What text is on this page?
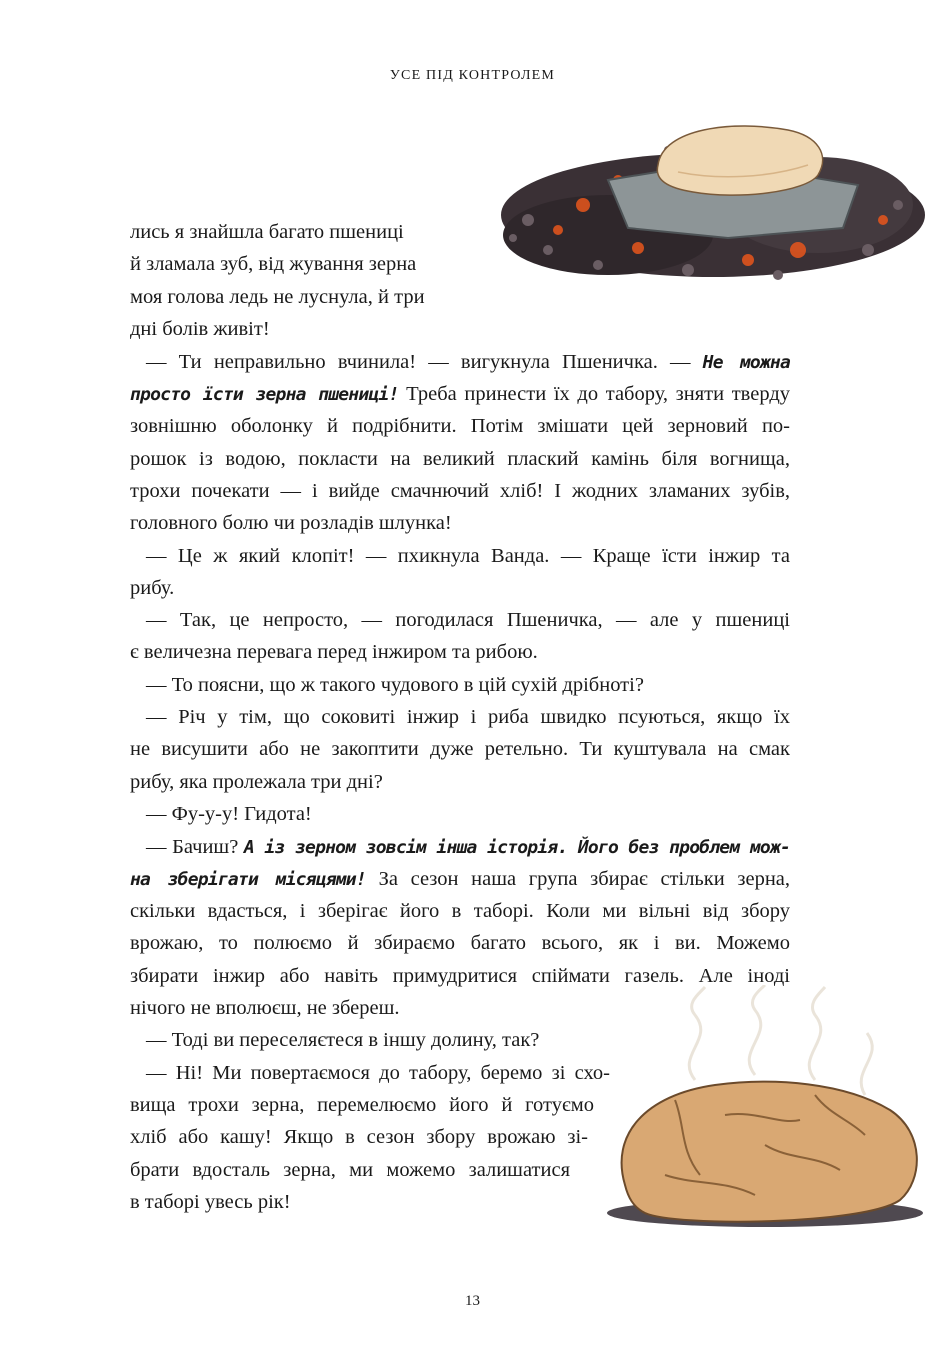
УСЕ ПІД КОНТРОЛЕМ
лись я знайшла багато пшениці
й зламала зуб, від жування зерна
моя голова ледь не луснула, й три
дні болів живіт!
— Ти неправильно вчинила! — вигукнула Пшеничка. — Не можна
просто їсти зерна пшениці! Треба принести їх до табору, зняти тверду
зовнішню оболонку й подрібнити. Потім змішати цей зерновий по-
рошок із водою, покласти на великий плаский камінь біля вогнища,
трохи почекати — і вийде смачнючий хліб! І жодних зламаних зубів,
головного болю чи розладів шлунка!
— Це ж який клопіт! — пхикнула Ванда. — Краще їсти інжир та
рибу.
— Так, це непросто, — погодилася Пшеничка, — але у пшениці
є величезна перевага перед інжиром та рибою.
— То поясни, що ж такого чудового в цій сухій дрібноті?
— Річ у тім, що соковиті інжир і риба швидко псуються, якщо їх
не висушити або не закоптити дуже ретельно. Ти куштувала на смак
рибу, яка пролежала три дні?
— Фу-у-у! Гидота!
— Бачиш? А із зерном зовсім інша історія. Його без проблем мож-
на зберігати місяцями! За сезон наша група збирає стільки зерна,
скільки вдасться, і зберігає його в таборі. Коли ми вільні від збору
врожаю, то полюємо й збираємо багато всього, як і ви. Можемо
збирати інжир або навіть примудритися спіймати газель. Але іноді
нічого не вполюєш, не збереш.
— Тоді ви переселяєтеся в іншу долину, так?
— Ні! Ми повертаємося до табору, беремо зі схо-
вища трохи зерна, перемелюємо його й готуємо
хліб або кашу! Якщо в сезон збору врожаю зі-
брати вдосталь зерна, ми можемо залишатися
в таборі увесь рік!
13
